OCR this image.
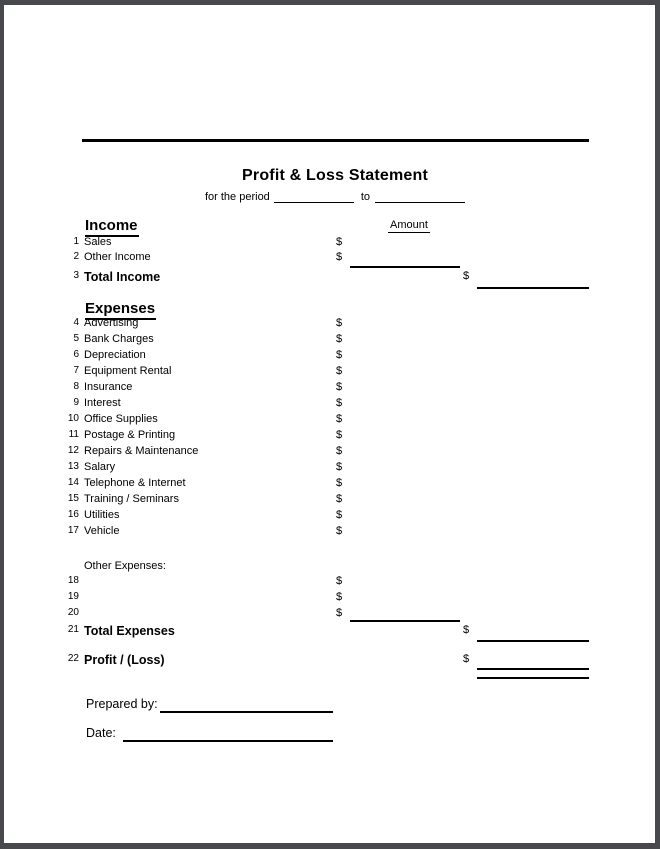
Profit & Loss Statement
for the period	to
Income	Amount
Expenses
Other Expenses:
Prepared by:
Date:
1 Sales	$
2 Other Income	$
3 Total Income	$
4 Advertising	$
5 Bank Charges	$
6 Depreciation	$
7 Equipment Rental	$
8 Insurance	$
9 Interest	$
10 Office Supplies	$
11 Postage & Printing	$
12 Repairs & Maintenance	$
13 Salary	$
14 Telephone & Internet	$
15 Training / Seminars	$
16 Utilities	$
17 Vehicle	$
18	$
19	$
20	$
21 Total Expenses	$
22 Profit / (Loss)	$
